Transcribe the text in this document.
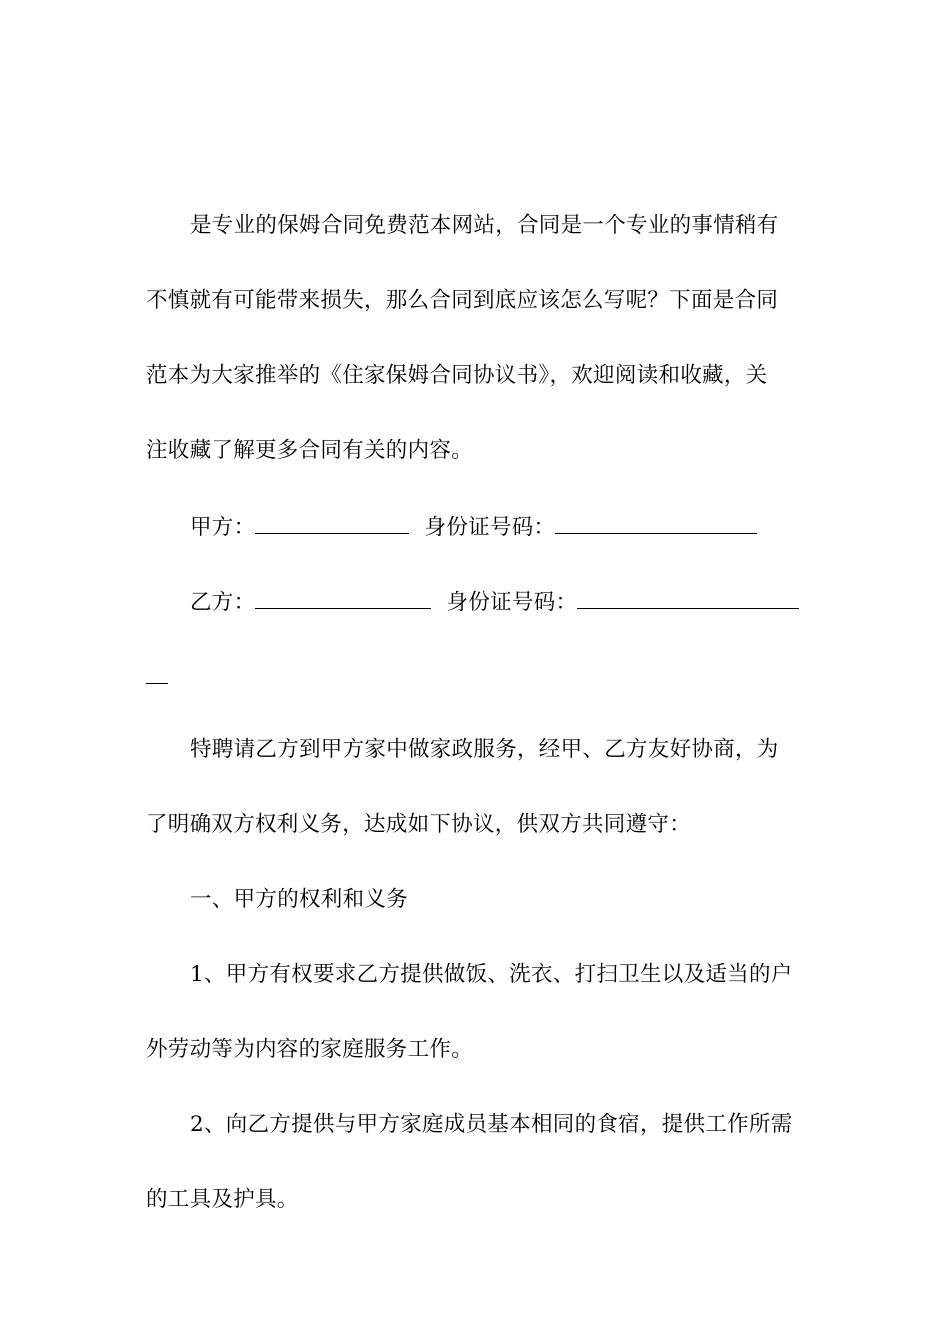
是专业的保姆合同免费范本网站，合同是一个专业的事情稍有
不慎就有可能带来损失，那么合同到底应该怎么写呢？下面是合同
范本为大家推举的《住家保姆合同协议书》，欢迎阅读和收藏，关
注收藏了解更多合同有关的内容。
甲方：	身份证号码：
乙方：	身份证号码：
特聘请乙方到甲方家中做家政服务，经甲、乙方友好协商，为
了明确双方权利义务，达成如下协议，供双方共同遵守：
一、甲方的权利和义务
1、甲方有权要求乙方提供做饭、洗衣、打扫卫生以及适当的户
外劳动等为内容的家庭服务工作。
2、向乙方提供与甲方家庭成员基本相同的食宿，提供工作所需
的工具及护具。
